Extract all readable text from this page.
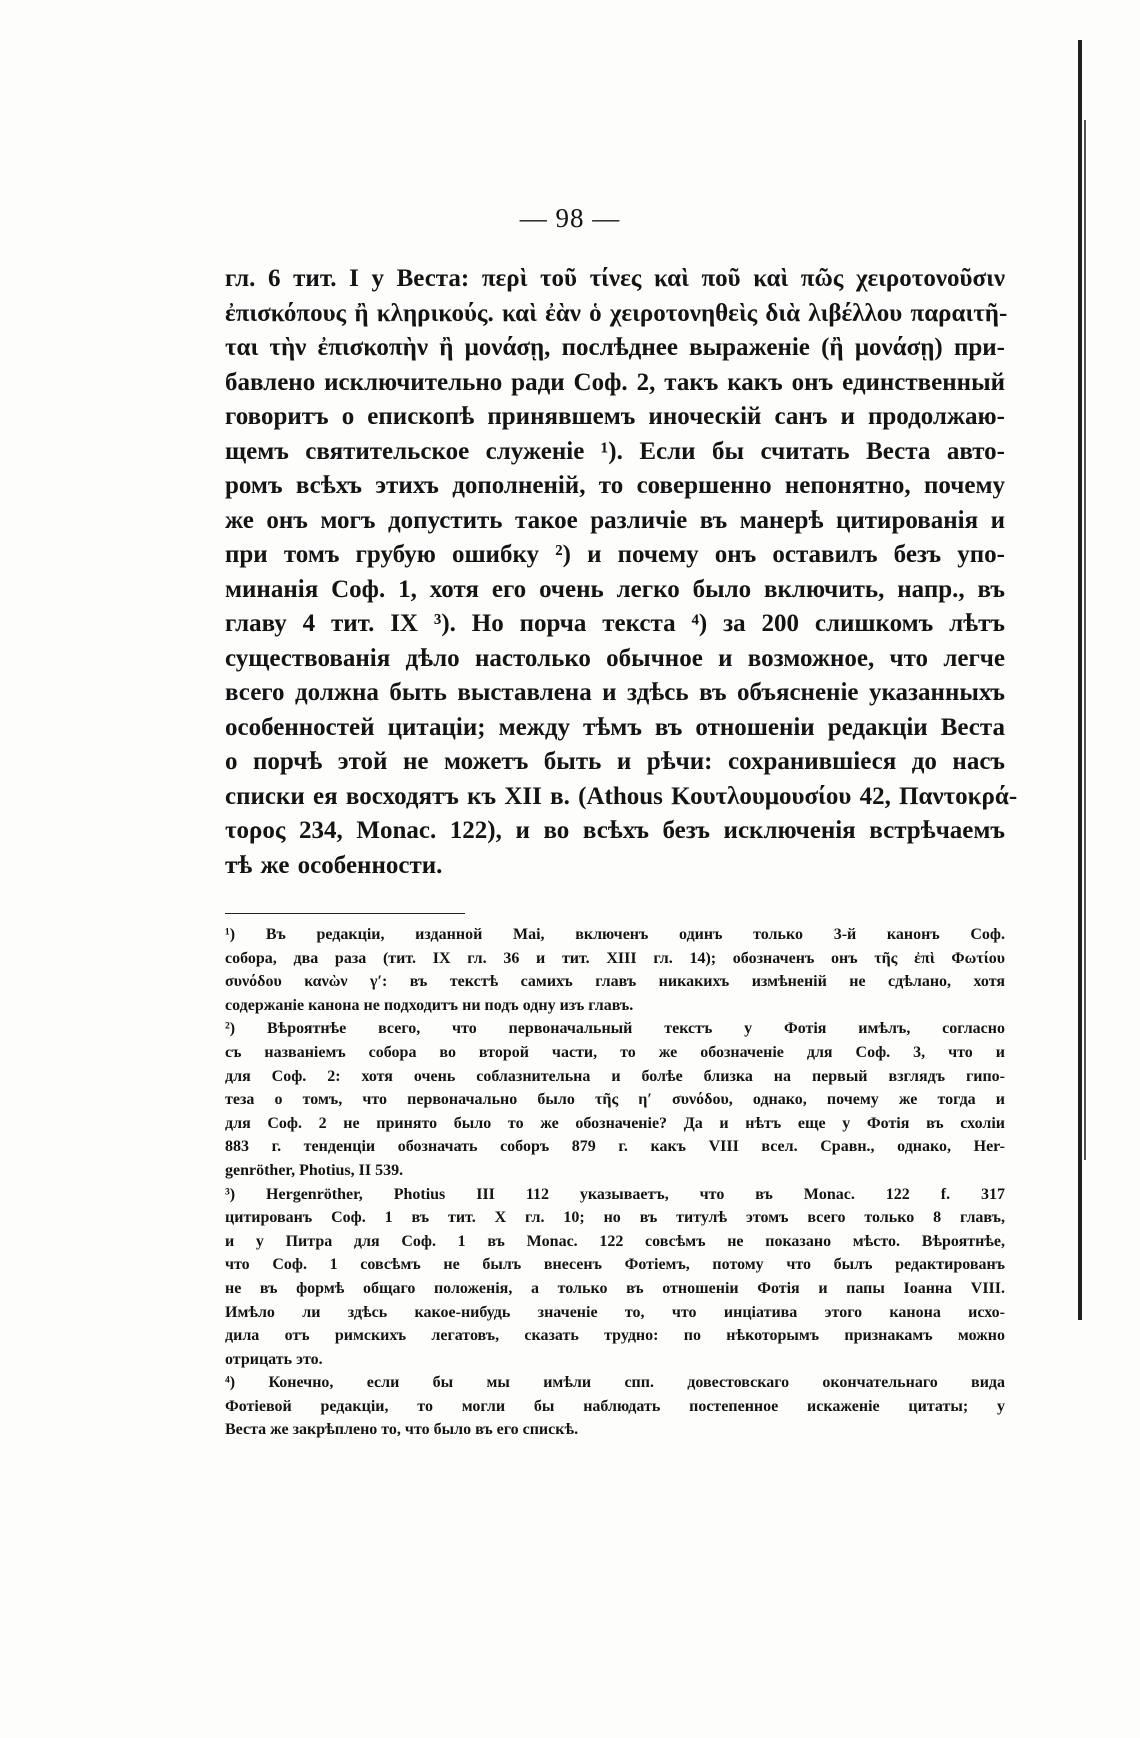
— 98 —
гл. 6 тит. I у Веста: περὶ τοῦ τίνες καὶ ποῦ καὶ πῶς χειροτονοῦσιν
ἐπισκόπους ἢ κληρικούς. καὶ ἐὰν ὁ χειροτονηθεὶς διὰ λιβέλλου παραιτῆ-
ται τὴν ἐπισκοπὴν ἢ μονάσῃ, послѣднее выраженіе (ἢ μονάσῃ) при-
бавлено исключительно ради Соф. 2, такъ какъ онъ единственный
говоритъ о епископѣ принявшемъ иноческій санъ и продолжаю-
щемъ святительское служеніе ¹). Если бы считать Веста авто-
ромъ всѣхъ этихъ дополненій, то совершенно непонятно, почему
же онъ могъ допустить такое различіе въ манерѣ цитированія и
при томъ грубую ошибку ²) и почему онъ оставилъ безъ упо-
минанія Соф. 1, хотя его очень легко было включить, напр., въ
главу 4 тит. IX ³). Но порча текста ⁴) за 200 слишкомъ лѣтъ
существованія дѣло настолько обычное и возможное, что легче
всего должна быть выставлена и здѣсь въ объясненіе указанныхъ
особенностей цитаціи; между тѣмъ въ отношеніи редакціи Веста
о порчѣ этой не можетъ быть и рѣчи: сохранившіеся до насъ
списки ея восходятъ къ XII в. (Athous Κουτλουμουσίου 42, Παντοκρά-
τορος 234, Monac. 122), и во всѣхъ безъ исключенія встрѣчаемъ
тѣ же особенности.
¹) Въ редакціи, изданной Маі, включенъ одинъ только 3-й канонъ Соф.
собора, два раза (тит. IX гл. 36 и тит. XIII гл. 14); обозначенъ онъ τῆς ἐπὶ Φωτίου
συνόδου κανὼν γ′: въ текстѣ самихъ главъ никакихъ измѣненій не сдѣлано, хотя
содержаніе канона не подходитъ ни подъ одну изъ главъ.
²) Вѣроятнѣе всего, что первоначальный текстъ у Фотія имѣлъ, согласно
съ названіемъ собора во второй части, то же обозначеніе для Соф. 3, что и
для Соф. 2: хотя очень соблазнительна и болѣе близка на первый взглядъ гипо-
теза о томъ, что первоначально было τῆς η′ συνόδου, однако, почему же тогда и
для Соф. 2 не принято было то же обозначеніе? Да и нѣтъ еще у Фотія въ схоліи
883 г. тенденціи обозначать соборъ 879 г. какъ VIII всел. Сравн., однако, Her-
genröther, Photius, II 539.
³) Hergenröther, Photius III 112 указываетъ, что въ Monac. 122 f. 317
цитированъ Соф. 1 въ тит. X гл. 10; но въ титулѣ этомъ всего только 8 главъ,
и у Питра для Соф. 1 въ Monac. 122 совсѣмъ не показано мѣсто. Вѣроятнѣе,
что Соф. 1 совсѣмъ не былъ внесенъ Фотіемъ, потому что былъ редактированъ
не въ формѣ общаго положенія, а только въ отношеніи Фотія и папы Іоанна VIII.
Имѣло ли здѣсь какое-нибудь значеніе то, что инціатива этого канона исхо-
дила отъ римскихъ легатовъ, сказать трудно: по нѣкоторымъ признакамъ можно
отрицать это.
⁴) Конечно, если бы мы имѣли спп. довестовскаго окончательнаго вида
Фотіевой редакціи, то могли бы наблюдать постепенное искаженіе цитаты; у
Веста же закрѣплено то, что было въ его спискѣ.
